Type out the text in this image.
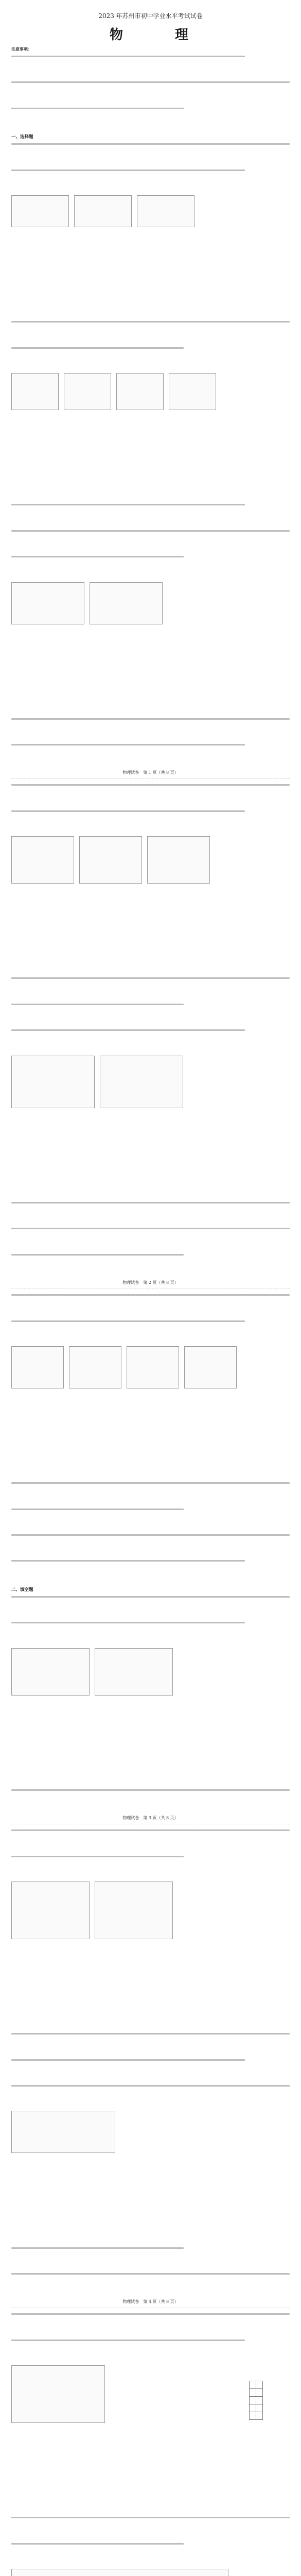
2023 年苏州市初中学业水平考试试卷
物 理
注意事项：
一、选择题
物理试卷　第 1 页（共 8 页）
物理试卷　第 2 页（共 8 页）
二、填空题
物理试卷　第 3 页（共 8 页）
物理试卷　第 4 页（共 8 页）
